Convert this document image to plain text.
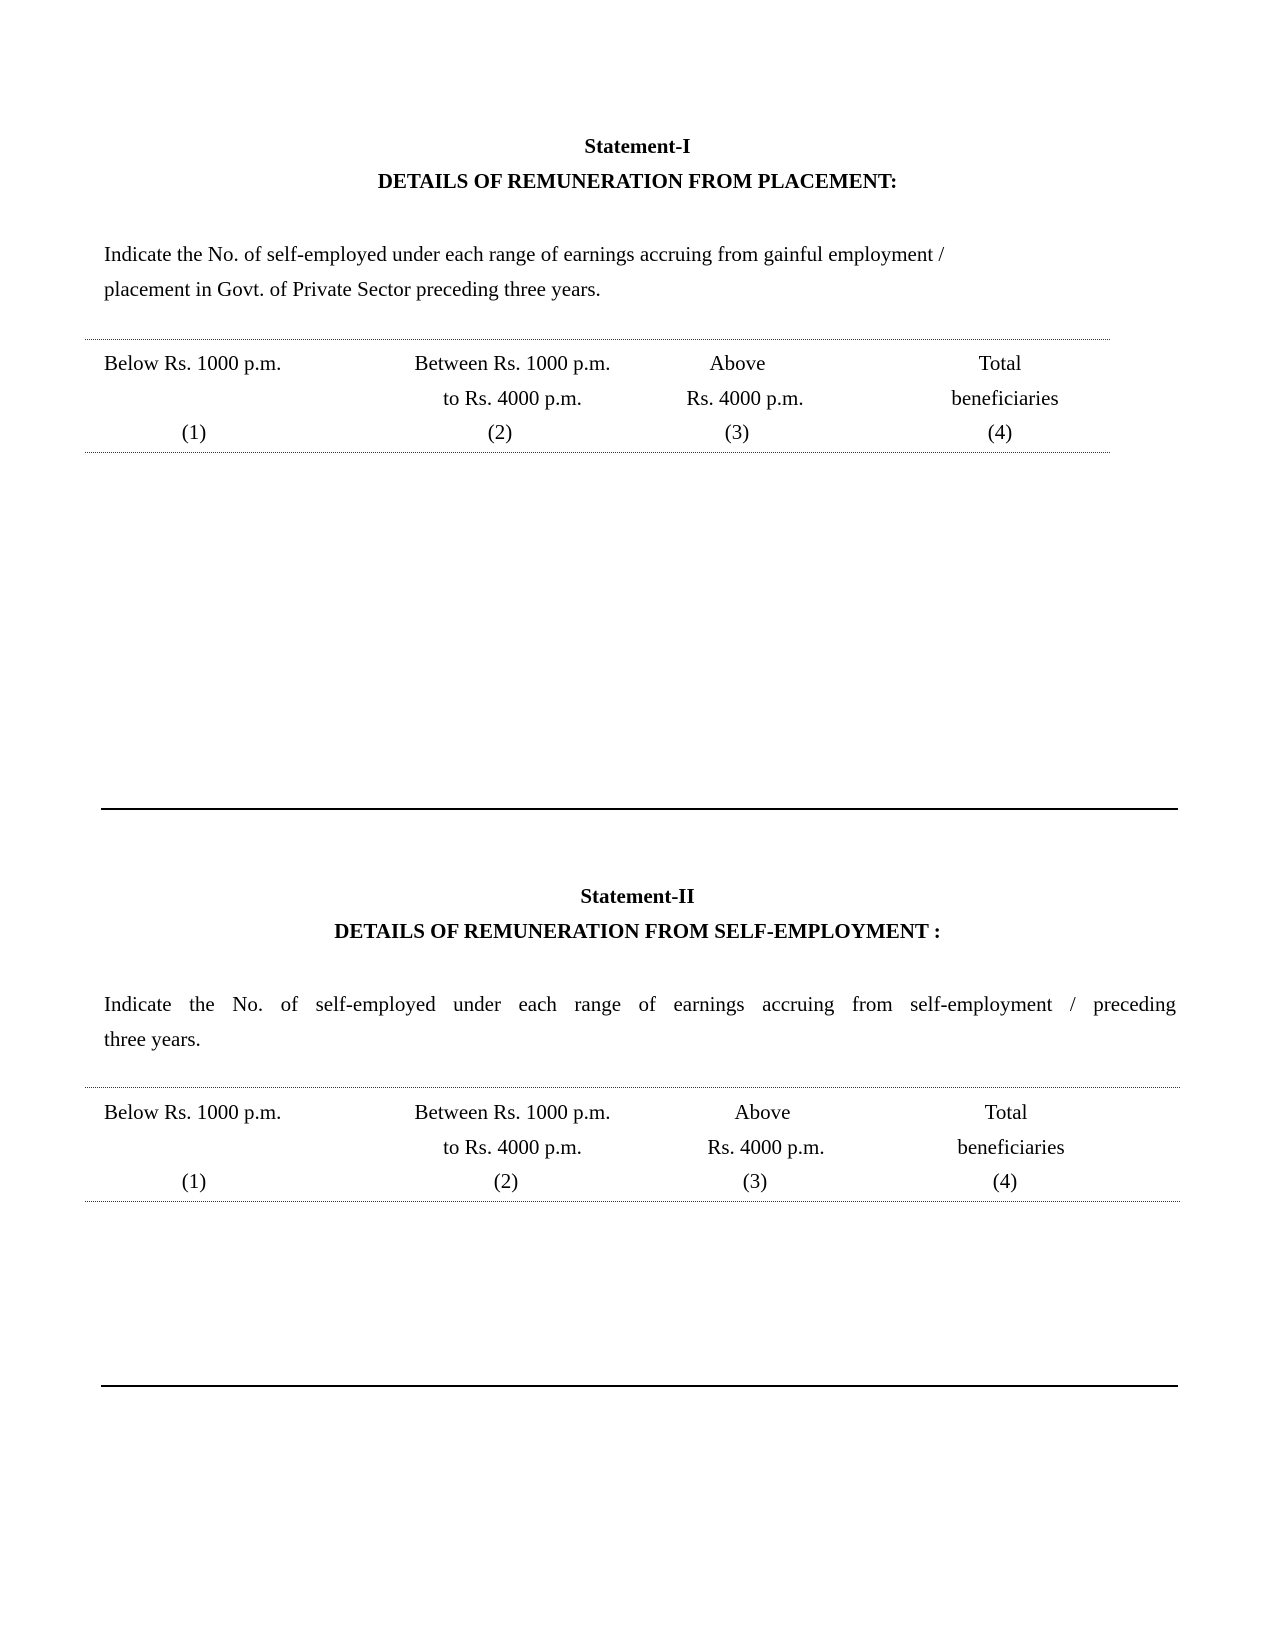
Statement-I
DETAILS OF REMUNERATION FROM PLACEMENT:
Indicate the No. of self-employed under each range of earnings accruing from gainful employment /
placement in Govt. of Private Sector preceding three years.
Below Rs. 1000 p.m.
(1)
Between Rs. 1000 p.m.
to Rs. 4000 p.m.
(2)
Above
Rs. 4000 p.m.
(3)
Total
beneficiaries
(4)
Statement-II
DETAILS OF REMUNERATION FROM SELF-EMPLOYMENT :
Indicate the No. of self-employed under each range of earnings accruing from self-employment / preceding
three years.
Below Rs. 1000 p.m.
(1)
Between Rs. 1000 p.m.
to Rs. 4000 p.m.
(2)
Above
Rs. 4000 p.m.
(3)
Total
beneficiaries
(4)
